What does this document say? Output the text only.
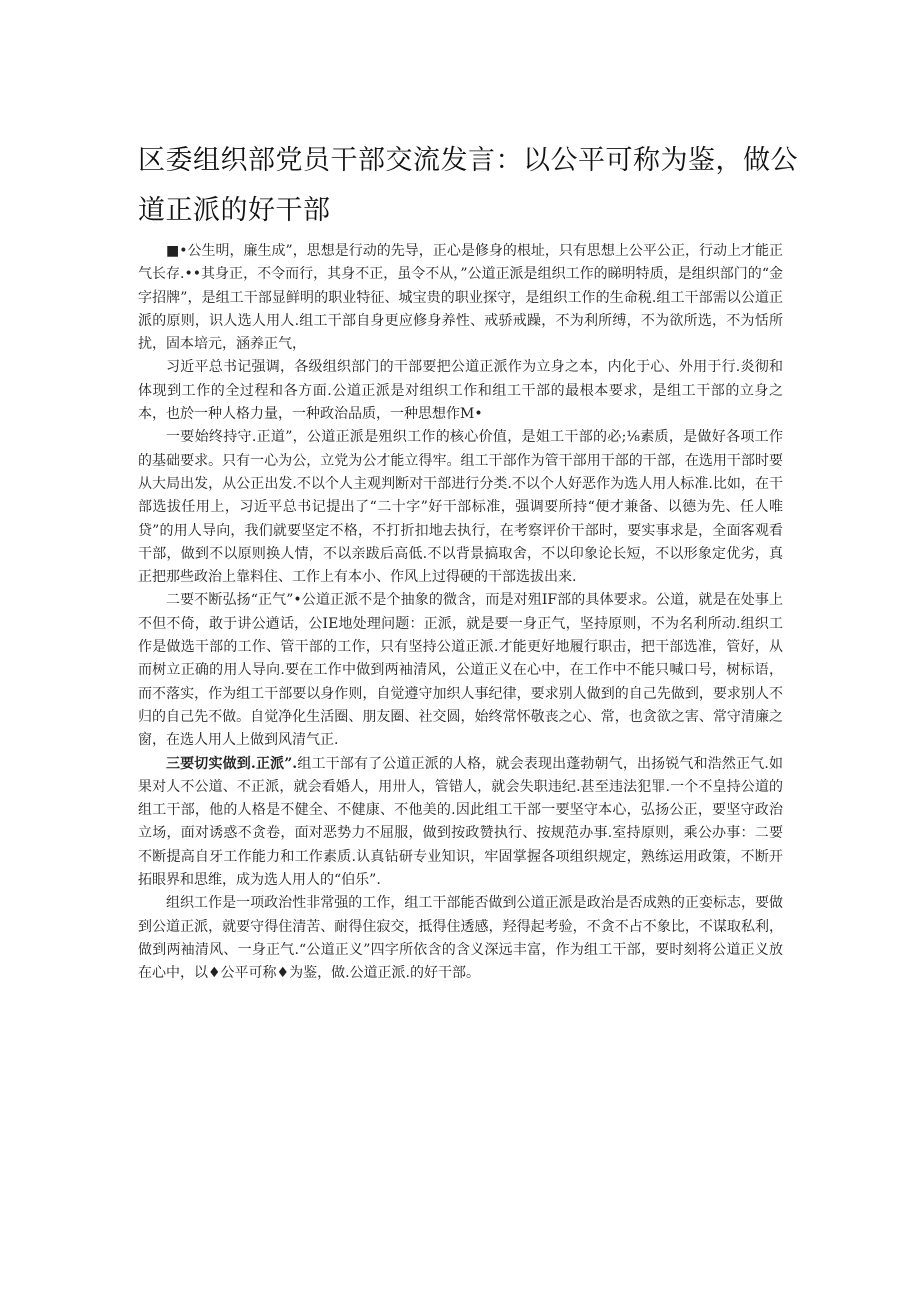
区委组织部党员干部交流发言：以公平可称为鉴，做公道正派的好干部

■•公生明，廉生成”，思想是行动的先导，正心是修身的根址，只有思想上公平公正，行动上才能正气长存.••其身正，不令而行，其身不正，虽令不从，”公道正派是组织工作的睇明特质，是组织部门的“金字招牌”，是组工干部显鲜明的职业特征、城宝贵的职业探守，是组织工作的生命税.组工干部需以公道正派的原则，识人选人用人.组工干部自身更应修身养性、戒骄戒躁，不为利所缚，不为欲所选，不为恬所扰，固本培元，涵养正气，

习近平总书记强调，各级组织部门的干部要把公道正派作为立身之本，内化于心、外用于行.炎彻和体现到工作的全过程和各方面.公道正派是对组织工作和组工干部的最根本要求，是组工干部的立身之本，也於一种人格力量，一种政治品质，一种思想作M•

一要始终持守.正道”，公道正派是殂织工作的核心价值，是姐工干部的必;⅛素质，是做好各项工作的基础要求。只有一心为公，立党为公才能立得牢。组工干部作为管干部用干部的干部，在选用干部时要从大局出发，从公正出发.不以个人主观判断对干部进行分类.不以个人好恶作为选人用人标准.比如，在干部选拔任用上，习近平总书记提出了“二十字”好干部标准，强调要所持“便才兼备、以德为先、任人唯贷”的用人导向，我们就要坚定不格，不打折扣地去执行，在考察评价干部时，要实事求是，全面客观看干部，做到不以原则换人情，不以亲跋后高低.不以背景搞取舍，不以印象论长短，不以形象定优劣，真正把那些政治上靠料住、工作上有本小、作风上过得硬的干部选拔出来.

二要不断弘扬“正气”•公道正派不是个抽象的微含，而是对殂IF部的具体要求。公道，就是在处事上不但不倚，敢于讲公遒话，公IE地处理问题：正派，就是要一身正气，坚持原则，不为名利所动.组织工作是做选干部的工作、管干部的工作，只有坚持公道正派.才能更好地履行职击，把干部选准，管好，从而树立正确的用人导向.要在工作中做到两袖清风，公道正义在心中，在工作中不能只喊口号，树标语，而不落实，作为组工干部要以身作则，自觉遵守加织人事纪律，要求别人做到的自己先做到，要求别人不归的自己先不做。自觉净化生活圈、朋友圈、社交圆，始终常怀敬丧之心、常，也贪欲之害、常守清廉之窗，在选人用人上做到风清气正.

三要切实做到.正派”.组工干部有了公道正派的人格，就会表现出蓬勃朝气，出扬锐气和浩然正气.如果对人不公道、不正派，就会看婚人，用卅人，管错人，就会失职违纪.甚至违法犯罪.一个不皇持公道的组工干部，他的人格是不健全、不健康、不他美的.因此组工干部一要坚守本心，弘扬公正，要坚守政治立场，面对诱惑不贪卷，面对恶势力不屈服，做到按政赞执行、按规范办事.室持原则，乘公办事：二要不断提高自牙工作能力和工作素质.认真钻研专业知识，牢固掌握各项组织规定，熟练运用政策，不断开拓眼界和思维，成为选人用人的“伯乐”.

组织工作是一项政治性非常强的工作，组工干部能否做到公道正派是政治是否成熟的正娈标志，要做到公道正派，就要守得住清苦、耐得住寂交，抵得住透感，羟得起考验，不贪不占不象比，不谋取私利，做到两袖清风、一身正气.“公道正义”四字所依含的含义深远丰富，作为组工干部，要时刻将公道正义放在心中，以♦公平可称♦为鉴，做.公道正派.的好干部。
